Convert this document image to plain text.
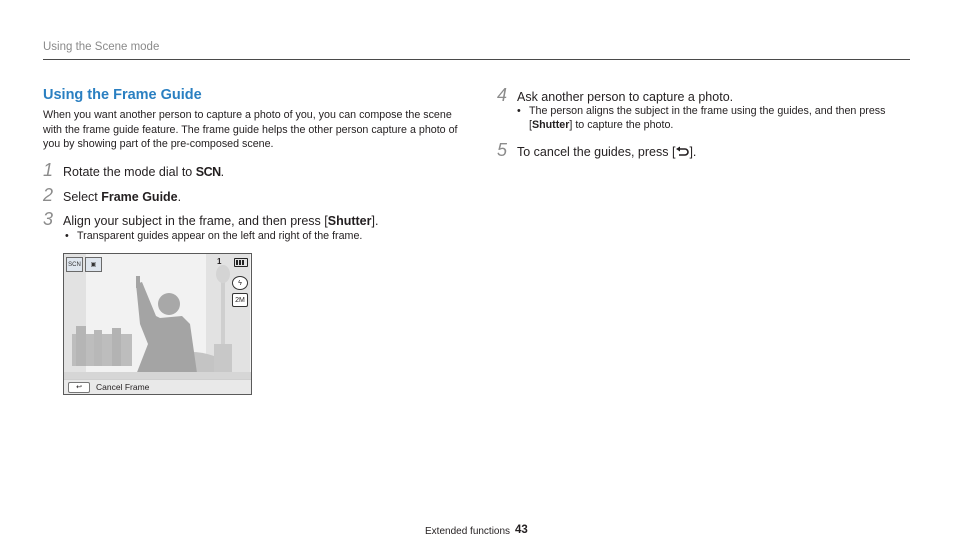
Using the Scene mode
Using the Frame Guide

When you want another person to capture a photo of you, you can compose the scene with the frame guide feature. The frame guide helps the other person capture a photo of you by showing part of the pre-composed scene.

1 Rotate the mode dial to SCN .
2 Select Frame Guide .
3 Align your subject in the frame, and then press [ Shutter ].
• Transparent guides appear on the left and right of the frame.
SCN	▣	1
ϟ
2M
↩	Cancel Frame
4 Ask another person to capture a photo.
• The person aligns the subject in the frame using the guides, and then press
[Shutter] to capture the photo.
5 To cancel the guides, press [ ].
Extended functions 43
